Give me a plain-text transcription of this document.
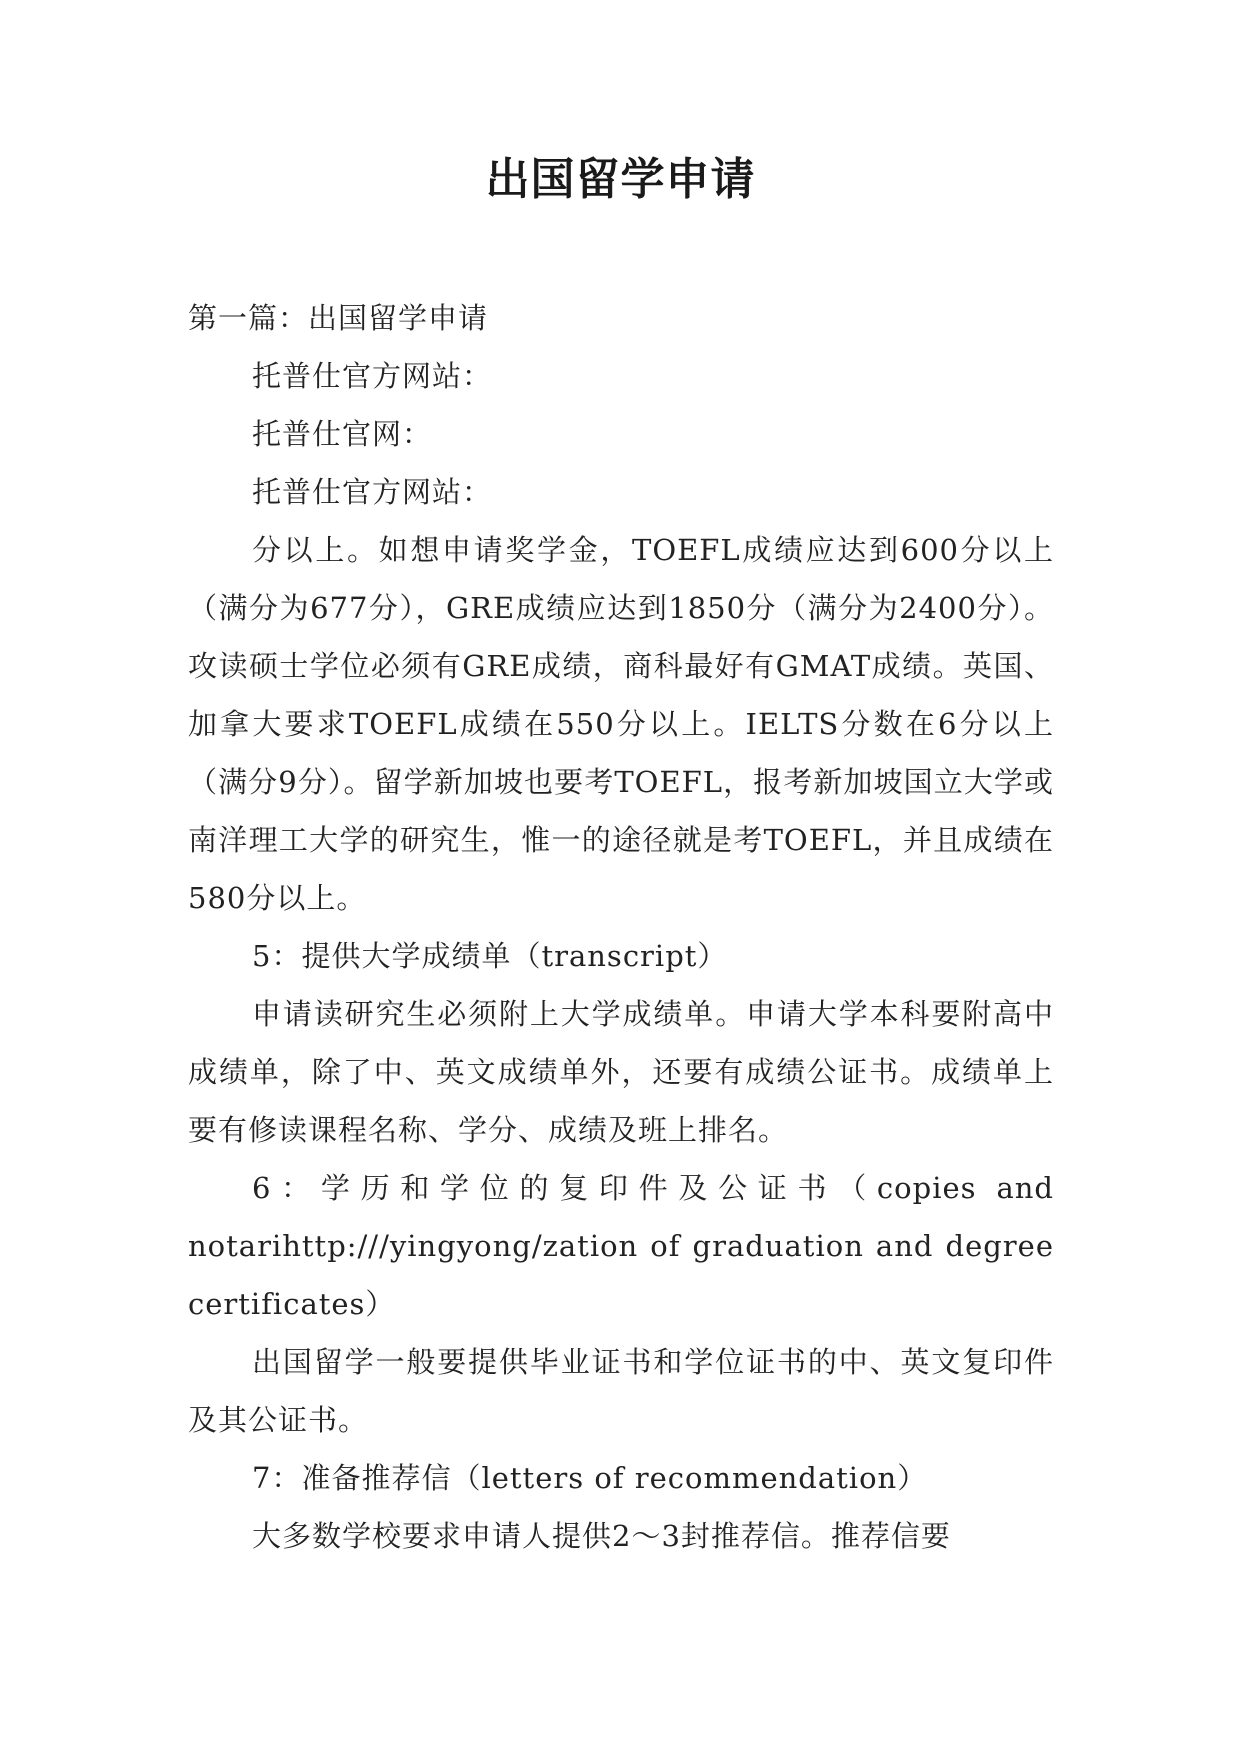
出国留学申请

第一篇：出国留学申请

托普仕官方网站：

托普仕官网：

托普仕官方网站：

分以上。如想申请奖学金，TOEFL成绩应达到600分以上（满分为677分），GRE成绩应达到1850分（满分为2400分）。攻读硕士学位必须有GRE成绩，商科最好有GMAT成绩。英国、加拿大要求TOEFL成绩在550分以上。IELTS分数在6分以上（满分9分）。留学新加坡也要考TOEFL，报考新加坡国立大学或南洋理工大学的研究生，惟一的途径就是考TOEFL，并且成绩在580分以上。

5：提供大学成绩单（transcript）

申请读研究生必须附上大学成绩单。申请大学本科要附高中成绩单，除了中、英文成绩单外，还要有成绩公证书。成绩单上要有修读课程名称、学分、成绩及班上排名。

6：学历和学位的复印件及公证书（copies and notarihttp:///yingyong/zation of graduation and degree certificates）

出国留学一般要提供毕业证书和学位证书的中、英文复印件及其公证书。

7：准备推荐信（letters of recommendation）

大多数学校要求申请人提供2～3封推荐信。推荐信要
